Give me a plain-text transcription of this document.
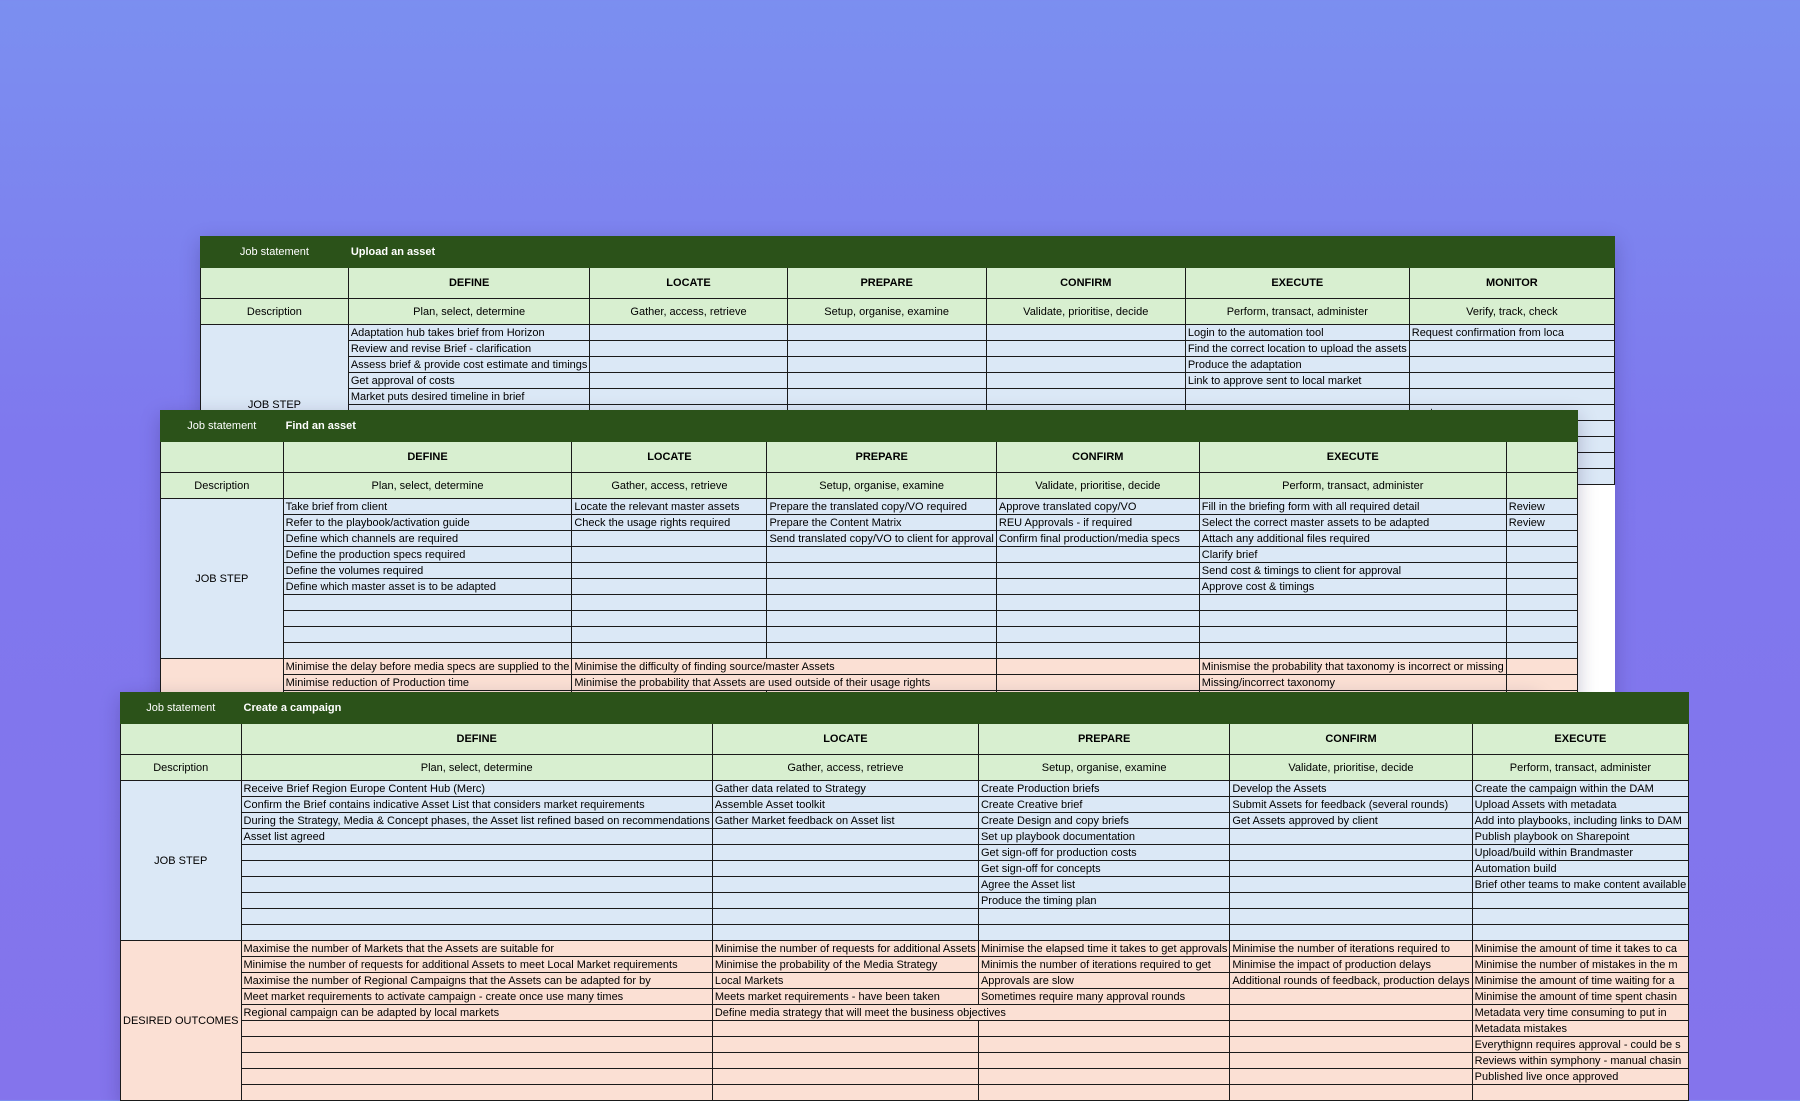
Job statement	Upload an asset					
	DEFINE	LOCATE	PREPARE	CONFIRM	EXECUTE	MONITOR
Description	Plan, select, determine	Gather, access, retrieve	Setup, organise, examine	Validate, prioritise, decide	Perform, transact, administer	Verify, track, check
JOB STEP	Adaptation hub takes brief from Horizon				Login to the automation tool	Request confirmation from loca
	Review and revise Brief - clarification				Find the correct location to upload the assets	
	Assess brief & provide cost estimate and timings				Produce the adaptation	
	Get approval of costs				Link to approve sent to local market	
	Market puts desired timeline in brief					

Job statement	Find an asset					
	DEFINE	LOCATE	PREPARE	CONFIRM	EXECUTE	
Description	Plan, select, determine	Gather, access, retrieve	Setup, organise, examine	Validate, prioritise, decide	Perform, transact, administer	
JOB STEP	Take brief from client	Locate the relevant master assets	Prepare the translated copy/VO required	Approve translated copy/VO	Fill in the briefing form with all required detail	Review
	Refer to the playbook/activation guide	Check the usage rights required	Prepare the Content Matrix	REU Approvals - if required	Select the correct master assets to be adapted	Review
	Define which channels are required		Send translated copy/VO to client for approval	Confirm final production/media specs	Attach any additional files required	
	Define the production specs required				Clarify brief	
	Define the volumes required				Send cost & timings to client for approval	
	Define which master asset is to be adapted				Approve cost & timings	

	Minimise the delay before media specs are supplied to the	Minimise the difficulty of finding source/master Assets			Minismise the probability that taxonomy is incorrect or missing	
	Minimise reduction of Production time	Minimise the probability that Assets are used outside of their usage rights			Missing/incorrect taxonomy	

Job statement	Create a campaign				
	DEFINE	LOCATE	PREPARE	CONFIRM	EXECUTE
Description	Plan, select, determine	Gather, access, retrieve	Setup, organise, examine	Validate, prioritise, decide	Perform, transact, administer
JOB STEP	Receive Brief Region Europe Content Hub (Merc)	Gather data related to Strategy	Create Production briefs	Develop the Assets	Create the campaign within the DAM
	Confirm the Brief contains indicative Asset List that considers market requirements	Assemble Asset toolkit	Create Creative brief	Submit Assets for feedback (several rounds)	Upload Assets with metadata
	During the Strategy, Media & Concept phases, the Asset list refined based on recommendations	Gather Market feedback on Asset list	Create Design and copy briefs	Get Assets approved by client	Add into playbooks, including links to DAM
	Asset list agreed		Set up playbook documentation		Publish playbook on Sharepoint
			Get sign-off for production costs		Upload/build within Brandmaster
			Get sign-off for concepts		Automation build
			Agree the Asset list		Brief other teams to make content available
			Produce the timing plan		

DESIRED OUTCOMES	Maximise the number of Markets that the Assets are suitable for	Minimise the number of requests for additional Assets	Minimise the elapsed time it takes to get approvals	Minimise the number of iterations required to	Minimise the amount of time it takes to ca
	Minimise the number of requests for additional Assets to meet Local Market requirements	Minimise the probability of the Media Strategy	Minimis the number of iterations required to get	Minimise the impact of production delays	Minimise the number of mistakes in the m
	Maximise the number of Regional Campaigns that the Assets can be adapted for by	Local Markets	Approvals are slow	Additional rounds of feedback, production delays	Minimise the amount of time waiting for a
	Meet market requirements to activate campaign - create once use many times	Meets market requirements - have been taken	Sometimes require many approval rounds		Minimise the amount of time spent chasin
	Regional campaign can be adapted by local markets	Define media strategy that will meet the business objectives			Metadata very time consuming to put in
					Metadata mistakes
					Everythignn requires approval - could be s
					Reviews within symphony - manual chasin
					Published live once approved
